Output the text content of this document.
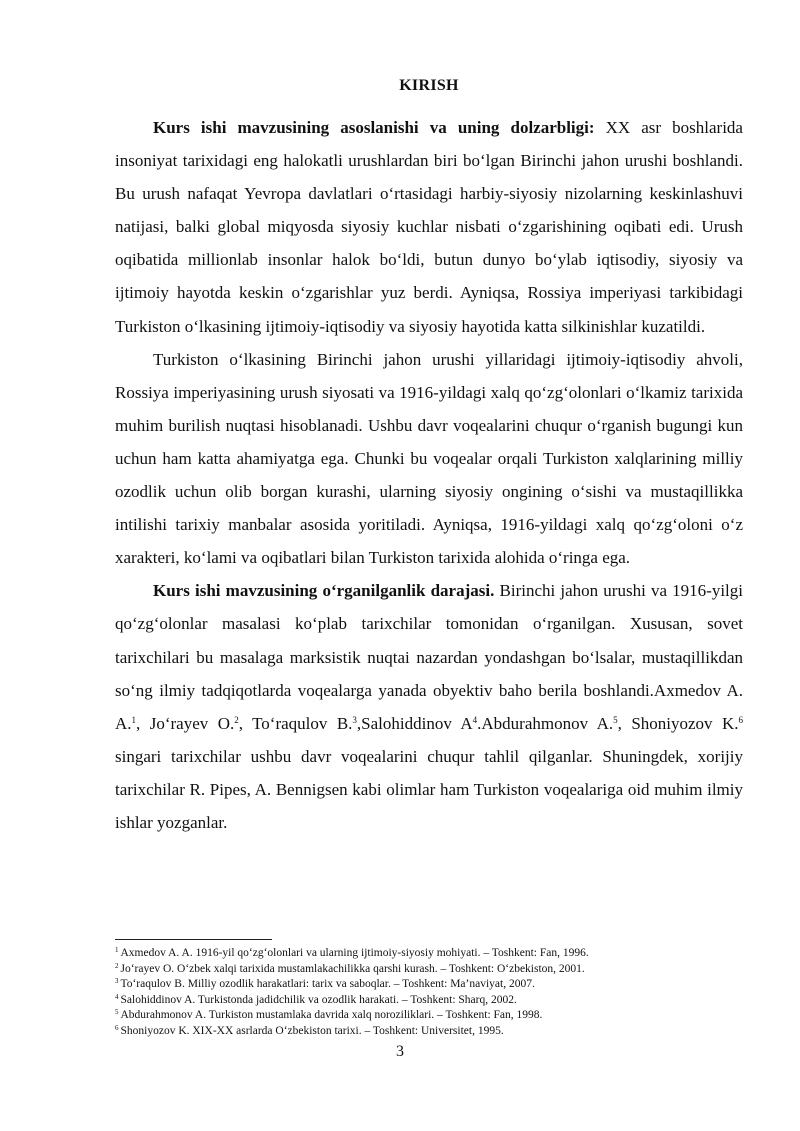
KIRISH

Kurs ishi mavzusining asoslanishi va uning dolzarbligi: XX asr boshlarida insoniyat tarixidagi eng halokatli urushlardan biri bo‘lgan Birinchi jahon urushi boshlandi. Bu urush nafaqat Yevropa davlatlari o‘rtasidagi harbiy-siyosiy nizolarning keskinlashuvi natijasi, balki global miqyosda siyosiy kuchlar nisbati o‘zgarishining oqibati edi. Urush oqibatida millionlab insonlar halok bo‘ldi, butun dunyo bo‘ylab iqtisodiy, siyosiy va ijtimoiy hayotda keskin o‘zgarishlar yuz berdi. Ayniqsa, Rossiya imperiyasi tarkibidagi Turkiston o‘lkasining ijtimoiy-iqtisodiy va siyosiy hayotida katta silkinishlar kuzatildi.

Turkiston o‘lkasining Birinchi jahon urushi yillaridagi ijtimoiy-iqtisodiy ahvoli, Rossiya imperiyasining urush siyosati va 1916-yildagi xalq qo‘zg‘olonlari o‘lkamiz tarixida muhim burilish nuqtasi hisoblanadi. Ushbu davr voqealarini chuqur o‘rganish bugungi kun uchun ham katta ahamiyatga ega. Chunki bu voqealar orqali Turkiston xalqlarining milliy ozodlik uchun olib borgan kurashi, ularning siyosiy ongining o‘sishi va mustaqillikka intilishi tarixiy manbalar asosida yoritiladi. Ayniqsa, 1916-yildagi xalq qo‘zg‘oloni o‘z xarakteri, ko‘lami va oqibatlari bilan Turkiston tarixida alohida o‘ringa ega.

Kurs ishi mavzusining o‘rganilganlik darajasi. Birinchi jahon urushi va 1916-yilgi qo‘zg‘olonlar masalasi ko‘plab tarixchilar tomonidan o‘rganilgan. Xususan, sovet tarixchilari bu masalaga marksistik nuqtai nazardan yondashgan bo‘lsalar, mustaqillikdan so‘ng ilmiy tadqiqotlarda voqealarga yanada obyektiv baho berila boshlandi.Axmedov A. A.$^1$, Jo‘rayev O.$^2$, To‘raqulov B.$^3$,Salohiddinov $A^4.Abdurahmonov$ A.$^5$, Shoniyozov K.$^6$ singari tarixchilar ushbu davr voqealarini chuqur tahlil qilganlar. Shuningdek, xorijiy tarixchilar R. Pipes, A. Bennigsen kabi olimlar ham Turkiston voqealariga oid muhim ilmiy ishlar yozganlar.

$^1$ Axmedov A. A. 1916-yil qo‘zg‘olonlari va ularning ijtimoiy-siyosiy mohiyati. – Toshkent: Fan, 1996.
$^2$ Jo‘rayev O. O‘zbek xalqi tarixida mustamlakachilikka qarshi kurash. – Toshkent: O‘zbekiston, 2001.
$^3$ To‘raqulov B. Milliy ozodlik harakatlari: tarix va saboqlar. – Toshkent: Ma’naviyat, 2007.
$^4$ Salohiddinov A. Turkistonda jadidchilik va ozodlik harakati. – Toshkent: Sharq, 2002.
$^5$ Abdurahmonov A. Turkiston mustamlaka davrida xalq noroziliklari. – Toshkent: Fan, 1998.
$^6$ Shoniyozov K. XIX-XX asrlarda O‘zbekiston tarixi. – Toshkent: Universitet, 1995.
3
